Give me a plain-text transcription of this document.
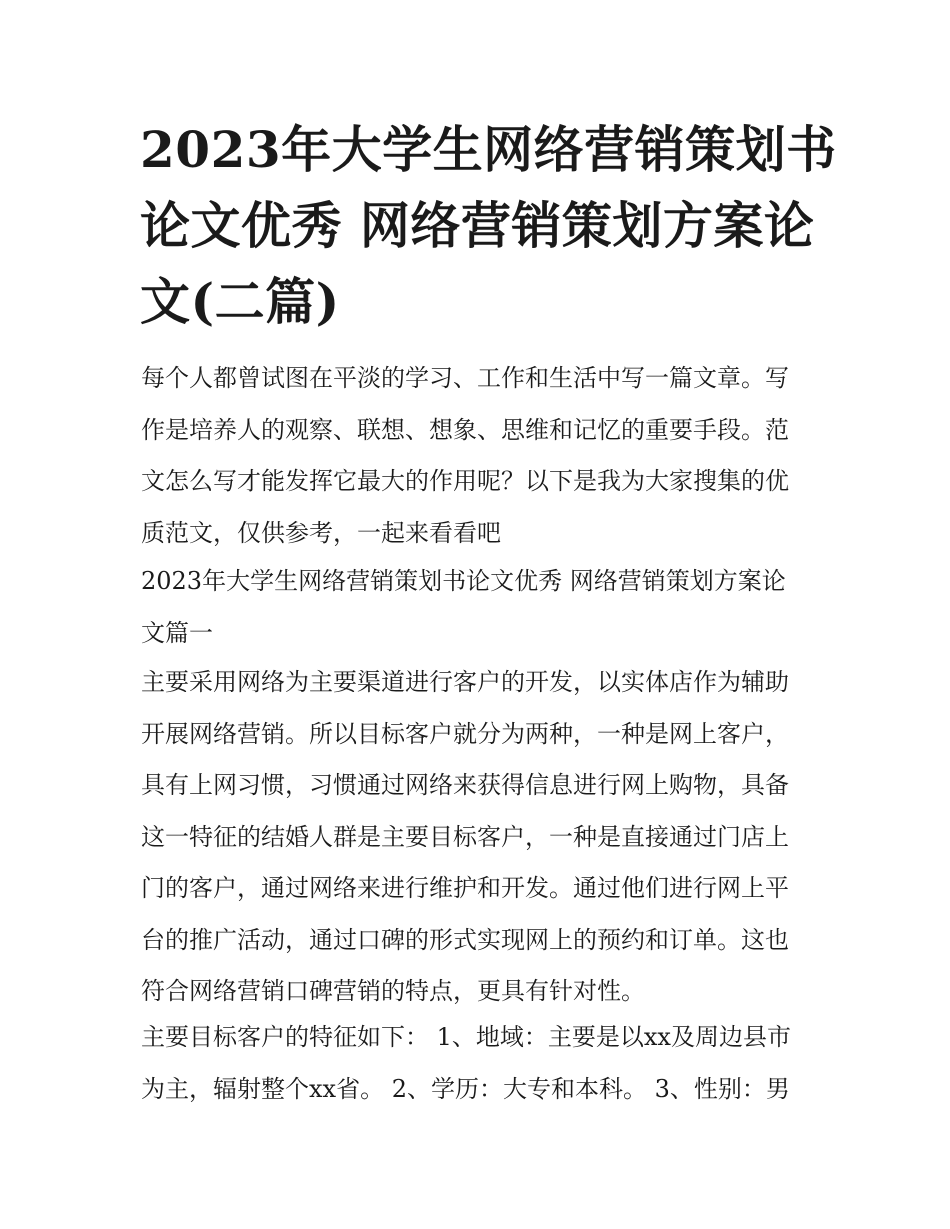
2023年大学生网络营销策划书
论文优秀 网络营销策划方案论
文(二篇)

每个人都曾试图在平淡的学习、工作和生活中写一篇文章。写
作是培养人的观察、联想、想象、思维和记忆的重要手段。范
文怎么写才能发挥它最大的作用呢？以下是我为大家搜集的优
质范文，仅供参考，一起来看看吧

2023年大学生网络营销策划书论文优秀 网络营销策划方案论
文篇一

主要采用网络为主要渠道进行客户的开发，以实体店作为辅助
开展网络营销。所以目标客户就分为两种，一种是网上客户，
具有上网习惯，习惯通过网络来获得信息进行网上购物，具备
这一特征的结婚人群是主要目标客户，一种是直接通过门店上
门的客户，通过网络来进行维护和开发。通过他们进行网上平
台的推广活动，通过口碑的形式实现网上的预约和订单。这也
符合网络营销口碑营销的特点，更具有针对性。

主要目标客户的特征如下： 1、地域：主要是以xx及周边县市
为主，辐射整个xx省。 2、学历：大专和本科。 3、性别：男
